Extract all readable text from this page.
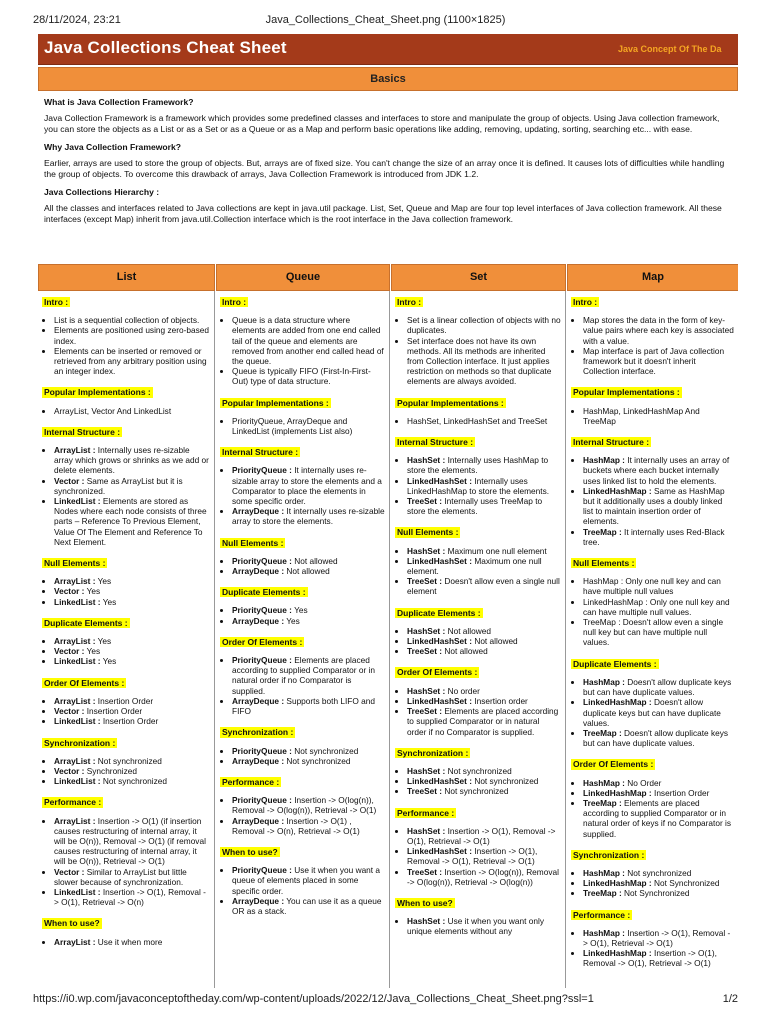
28/11/2024, 23:21	Java_Collections_Cheat_Sheet.png (1100×1825)
Java Collections Cheat Sheet	Java Concept Of The Da
Basics
What is Java Collection Framework?

Java Collection Framework is a framework which provides some predefined classes and interfaces to store and manipulate the group of objects. Using Java collection framework, you can store the objects as a List or as a Set or as a Queue or as a Map and perform basic operations like adding, removing, updating, sorting, searching etc... with ease.

Why Java Collection Framework?

Earlier, arrays are used to store the group of objects. But, arrays are of fixed size. You can't change the size of an array once it is defined. It causes lots of difficulties while handling the group of objects. To overcome this drawback of arrays, Java Collection Framework is introduced from JDK 1.2.

Java Collections Hierarchy :

All the classes and interfaces related to Java collections are kept in java.util package. List, Set, Queue and Map are four top level interfaces of Java collection framework. All these interfaces (except Map) inherit from java.util.Collection interface which is the root interface in the Java collection framework.

List
Intro :
• List is a sequential collection of objects.
• Elements are positioned using zero-based index.
• Elements can be inserted or removed or retrieved from any arbitrary position using an integer index.
Popular Implementations :
• ArrayList, Vector And LinkedList
Internal Structure :
• ArrayList : Internally uses re-sizable array which grows or shrinks as we add or delete elements.
• Vector : Same as ArrayList but it is synchronized.
• LinkedList : Elements are stored as Nodes where each node consists of three parts – Reference To Previous Element, Value Of The Element and Reference To Next Element.
Null Elements :
• ArrayList : Yes
• Vector : Yes
• LinkedList : Yes
Duplicate Elements :
• ArrayList : Yes
• Vector : Yes
• LinkedList : Yes
Order Of Elements :
• ArrayList : Insertion Order
• Vector : Insertion Order
• LinkedList : Insertion Order
Synchronization :
• ArrayList : Not synchronized
• Vector : Synchronized
• LinkedList : Not synchronized
Performance :
• ArrayList : Insertion -> O(1) (if insertion causes restructuring of internal array, it will be O(n)), Removal -> O(1) (if removal causes restructuring of internal array, it will be O(n)), Retrieval -> O(1)
• Vector : Similar to ArrayList but little slower because of synchronization.
• LinkedList : Insertion -> O(1), Removal -> O(1), Retrieval -> O(n)
When to use?
• ArrayList : Use it when more
Queue
Intro :
• Queue is a data structure where elements are added from one end called tail of the queue and elements are removed from another end called head of the queue.
• Queue is typically FIFO (First-In-First-Out) type of data structure.
Popular Implementations :
• PriorityQueue, ArrayDeque and LinkedList (implements List also)
Internal Structure :
• PriorityQueue : It internally uses re-sizable array to store the elements and a Comparator to place the elements in some specific order.
• ArrayDeque : It internally uses re-sizable array to store the elements.
Null Elements :
• PriorityQueue : Not allowed
• ArrayDeque : Not allowed
Duplicate Elements :
• PriorityQueue : Yes
• ArrayDeque : Yes
Order Of Elements :
• PriorityQueue : Elements are placed according to supplied Comparator or in natural order if no Comparator is supplied.
• ArrayDeque : Supports both LIFO and FIFO
Synchronization :
• PriorityQueue : Not synchronized
• ArrayDeque : Not synchronized
Performance :
• PriorityQueue : Insertion -> O(log(n)), Removal -> O(log(n)), Retrieval -> O(1)
• ArrayDeque : Insertion -> O(1) , Removal -> O(n), Retrieval -> O(1)
When to use?
• PriorityQueue : Use it when you want a queue of elements placed in some specific order.
• ArrayDeque : You can use it as a queue OR as a stack.
Set
Intro :
• Set is a linear collection of objects with no duplicates.
• Set interface does not have its own methods. All its methods are inherited from Collection interface. It just applies restriction on methods so that duplicate elements are always avoided.
Popular Implementations :
• HashSet, LinkedHashSet and TreeSet
Internal Structure :
• HashSet : Internally uses HashMap to store the elements.
• LinkedHashSet : Internally uses LinkedHashMap to store the elements.
• TreeSet : Internally uses TreeMap to store the elements.
Null Elements :
• HashSet : Maximum one null element
• LinkedHashSet : Maximum one null element.
• TreeSet : Doesn't allow even a single null element
Duplicate Elements :
• HashSet : Not allowed
• LinkedHashSet : Not allowed
• TreeSet : Not allowed
Order Of Elements :
• HashSet : No order
• LinkedHashSet : Insertion order
• TreeSet : Elements are placed according to supplied Comparator or in natural order if no Comparator is supplied.
Synchronization :
• HashSet : Not synchronized
• LinkedHashSet : Not synchronized
• TreeSet : Not synchronized
Performance :
• HashSet : Insertion -> O(1), Removal -> O(1), Retrieval -> O(1)
• LinkedHashSet : Insertion -> O(1), Removal -> O(1), Retrieval -> O(1)
• TreeSet : Insertion -> O(log(n)), Removal -> O(log(n)), Retrieval -> O(log(n))
When to use?
• HashSet : Use it when you want only unique elements without any
Map
Intro :
• Map stores the data in the form of key-value pairs where each key is associated with a value.
• Map interface is part of Java collection framework but it doesn't inherit Collection interface.
Popular Implementations :
• HashMap, LinkedHashMap And TreeMap
Internal Structure :
• HashMap : It internally uses an array of buckets where each bucket internally uses linked list to hold the elements.
• LinkedHashMap : Same as HashMap but it additionally uses a doubly linked list to maintain insertion order of elements.
• TreeMap : It internally uses Red-Black tree.
Null Elements :
• HashMap : Only one null key and can have multiple null values
• LinkedHashMap : Only one null key and can have multiple null values.
• TreeMap : Doesn't allow even a single null key but can have multiple null values.
Duplicate Elements :
• HashMap : Doesn't allow duplicate keys but can have duplicate values.
• LinkedHashMap : Doesn't allow duplicate keys but can have duplicate values.
• TreeMap : Doesn't allow duplicate keys but can have duplicate values.
Order Of Elements :
• HashMap : No Order
• LinkedHashMap : Insertion Order
• TreeMap : Elements are placed according to supplied Comparator or in natural order of keys if no Comparator is supplied.
Synchronization :
• HashMap : Not synchronized
• LinkedHashMap : Not Synchronized
• TreeMap : Not Synchronized
Performance :
• HashMap : Insertion -> O(1), Removal -> O(1), Retrieval -> O(1)
• LinkedHashMap : Insertion -> O(1), Removal -> O(1), Retrieval -> O(1)
https://i0.wp.com/javaconceptoftheday.com/wp-content/uploads/2022/12/Java_Collections_Cheat_Sheet.png?ssl=1	1/2
